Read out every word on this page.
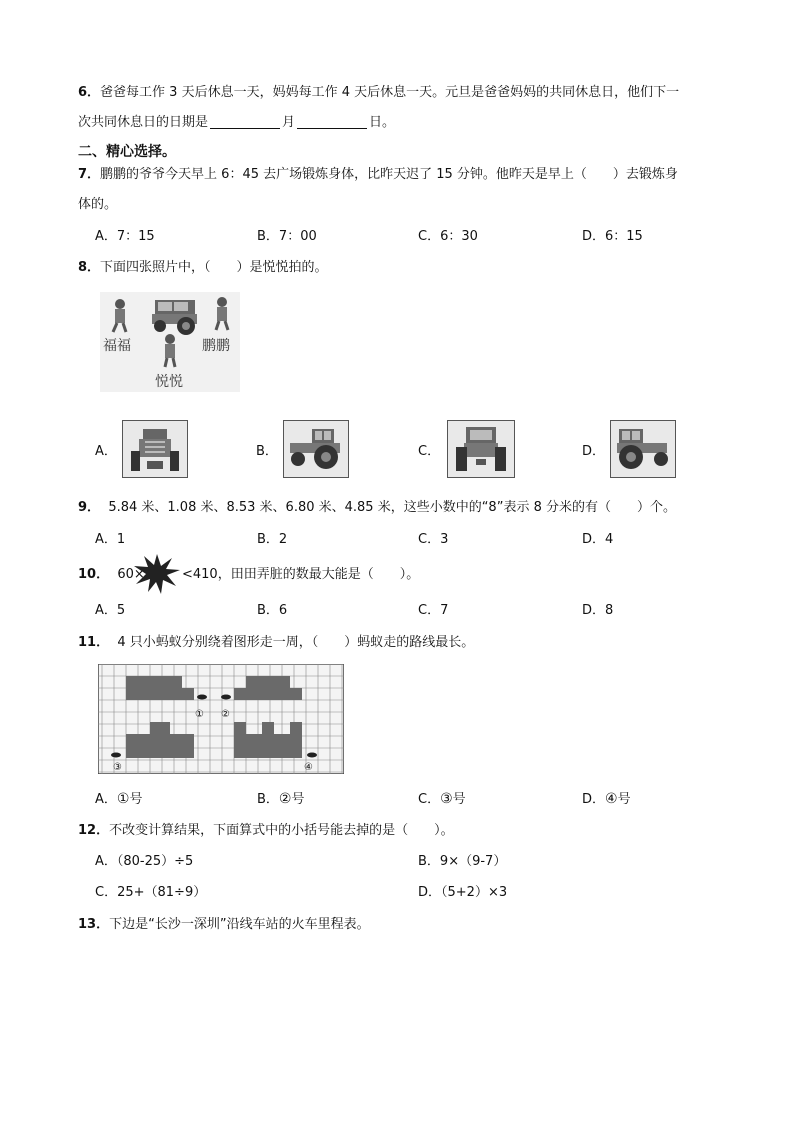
6．爸爸每工作 3 天后休息一天，妈妈每工作 4 天后休息一天。元旦是爸爸妈妈的共同休息日，他们下一
次共同休息日的日期是	月	日。
二、精心选择。
7．鹏鹏的爷爷今天早上 6：45 去广场锻炼身体，比昨天迟了 15 分钟。他昨天是早上（　　）去锻炼身
体的。
A．7：15	B．7：00	C．6：30	D．6：15
8．下面四张照片中，（　　）是悦悦拍的。
福福	鹏鹏
悦悦
A．	B．	C．	D．
9． 5.84 米、1.08 米、8.53 米、6.80 米、4.85 米，这些小数中的“8”表示 8 分米的有（　　）个。
A．1	B．2	C．3	D．4
10． 60×	<410，田田弄脏的数最大能是（　　）。
A．5	B．6	C．7	D．8
11． 4 只小蚂蚁分别绕着图形走一周，（　　）蚂蚁走的路线最长。
① ②
③	④
A．①号	B．②号	C．③号	D．④号
12．不改变计算结果，下面算式中的小括号能去掉的是（　　）。
A．（80-25）÷5	B．9×（9-7）
C．25+（81÷9）	D．（5+2）×3
13．下边是“长沙一深圳”沿线车站的火车里程表。
